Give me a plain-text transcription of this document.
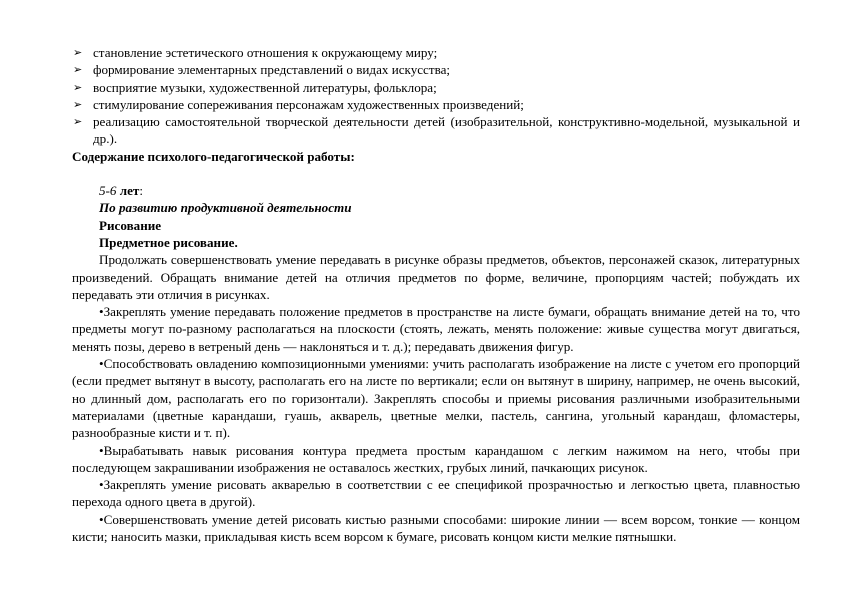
➢ становление эстетического отношения к окружающему миру;
➢ формирование элементарных представлений о видах искусства;
➢ восприятие музыки, художественной литературы, фольклора;
➢ стимулирование сопереживания персонажам художественных произведений;
➢ реализацию самостоятельной творческой деятельности детей (изобразительной, конструктивно-модельной, музыкальной и др.).
Содержание психолого-педагогической работы:
5-6 лет:
По развитию продуктивной деятельности
Рисование
Предметное рисование.
Продолжать совершенствовать умение передавать в рисунке образы предметов, объектов, персонажей сказок, литературных произведений. Обращать внимание детей на отличия предметов по форме, величине, пропорциям частей; побуждать их передавать эти отличия в рисунках.
•Закреплять умение передавать положение предметов в пространстве на листе бумаги, обращать внимание детей на то, что предметы могут по-разному располагаться на плоскости (стоять, лежать, менять положение: живые существа могут двигаться, менять позы, дерево в ветреный день — наклоняться и т. д.); передавать движения фигур.
•Способствовать овладению композиционными умениями: учить располагать изображение на листе с учетом его пропорций (если предмет вытянут в высоту, располагать его на листе по вертикали; если он вытянут в ширину, например, не очень высокий, но длинный дом, располагать его по горизонтали). Закреплять способы и приемы рисования различными изобразительными материалами (цветные карандаши, гуашь, акварель, цветные мелки, пастель, сангина, угольный карандаш, фломастеры, разнообразные кисти и т. п).
•Вырабатывать навык рисования контура предмета простым карандашом с легким нажимом на него, чтобы при последующем закрашивании изображения не оставалось жестких, грубых линий, пачкающих рисунок.
•Закреплять умение рисовать акварелью в соответствии с ее спецификой прозрачностью и легкостью цвета, плавностью перехода одного цвета в другой).
•Совершенствовать умение детей рисовать кистью разными способами: широкие линии — всем ворсом, тонкие — концом кисти; наносить мазки, прикладывая кисть всем ворсом к бумаге, рисовать концом кисти мелкие пятнышки.
